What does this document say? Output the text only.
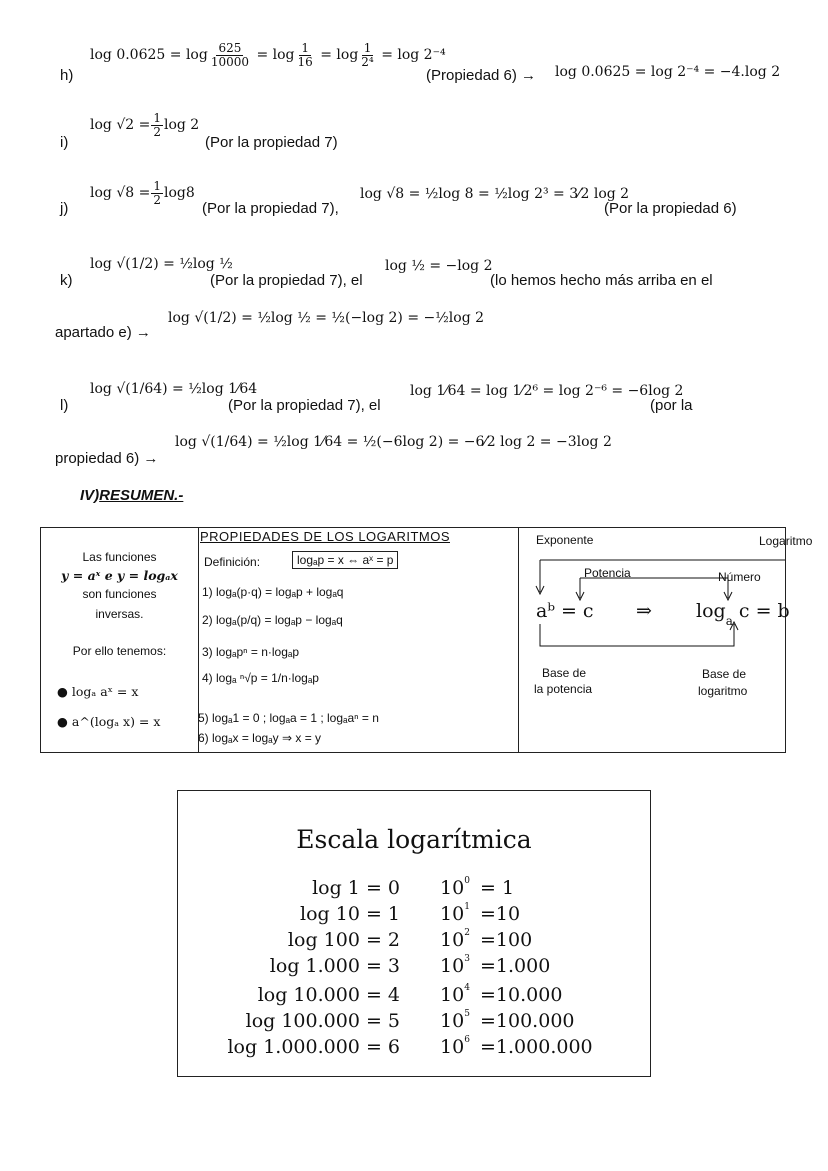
h)
$\log 0.0625 = \log \frac{625}{10000} = \log \frac{1}{16} = \log \frac{1}{\text{2⁴}} = \log 2^{-4}$
(Propiedad 6) → log 0.0625 = log 2⁻⁴ = −4.log 2
i)
$\log √2 = \frac{1}{2}$ log 2
(Por la propiedad 7)
j)
$\log √8 = \frac{1}{2} \log 8$
(Por la propiedad 7),
log √8 = ½log 8 = ½log 2³ = 3⁄2 log 2
(Por la propiedad 6)
k)
log √(1/2) = ½log ½
(Por la propiedad 7), el
log ½ = −log 2
(lo hemos hecho más arriba en el
apartado e) →
log √(1/2) = ½log ½ = ½(−log 2) = −½log 2
l)
log √(1/64) = ½log 1⁄64
(Por la propiedad 7), el
log 1⁄64 = log 1⁄2⁶ = log 2⁻⁶ = −6log 2
(por la
propiedad 6) →
log √(1/64) = ½log 1⁄64 = ½(−6log 2) = −6⁄2 log 2 = −3log 2
IV)RESUMEN.-
Las funciones
y = aˣ e y = logₐx
son funciones
inversas.
Por ello tenemos:
● logₐ aˣ = x
● a^(logₐ x) = x
PROPIEDADES DE LOS LOGARITMOS
Definición:	logₐp = x ⇔ aˣ = p
1) logₐ(p·q) = logₐp + logₐq
2) logₐ(p/q) = logₐp − logₐq
3) logₐpⁿ = n·logₐp
4) logₐ ⁿ√p = 1/n·logₐp
5) logₐ1 = 0 ; logₐa = 1 ; logₐaⁿ = n
6) logₐx = logₐy ⇒ x = y
Exponente	Logaritmo
Potencia	Número
aᵇ = c ⇒ $\log_a c = b$
Base de
la potencia
Base de
logaritmo
Escala logarítmica
log 1 = 0 $10^0 = 1$
log 10 = 1 $10^1 =10$
log 100 = 2 $10^2 =100$
log 1.000 = 3 $10^3 =1.000$
log 10.000 = 4 $10^4 =10.000$
log 100.000 = 5 $10^5 =100.000$
log 1.000.000 = 6 $10^6 =1.000.000$
